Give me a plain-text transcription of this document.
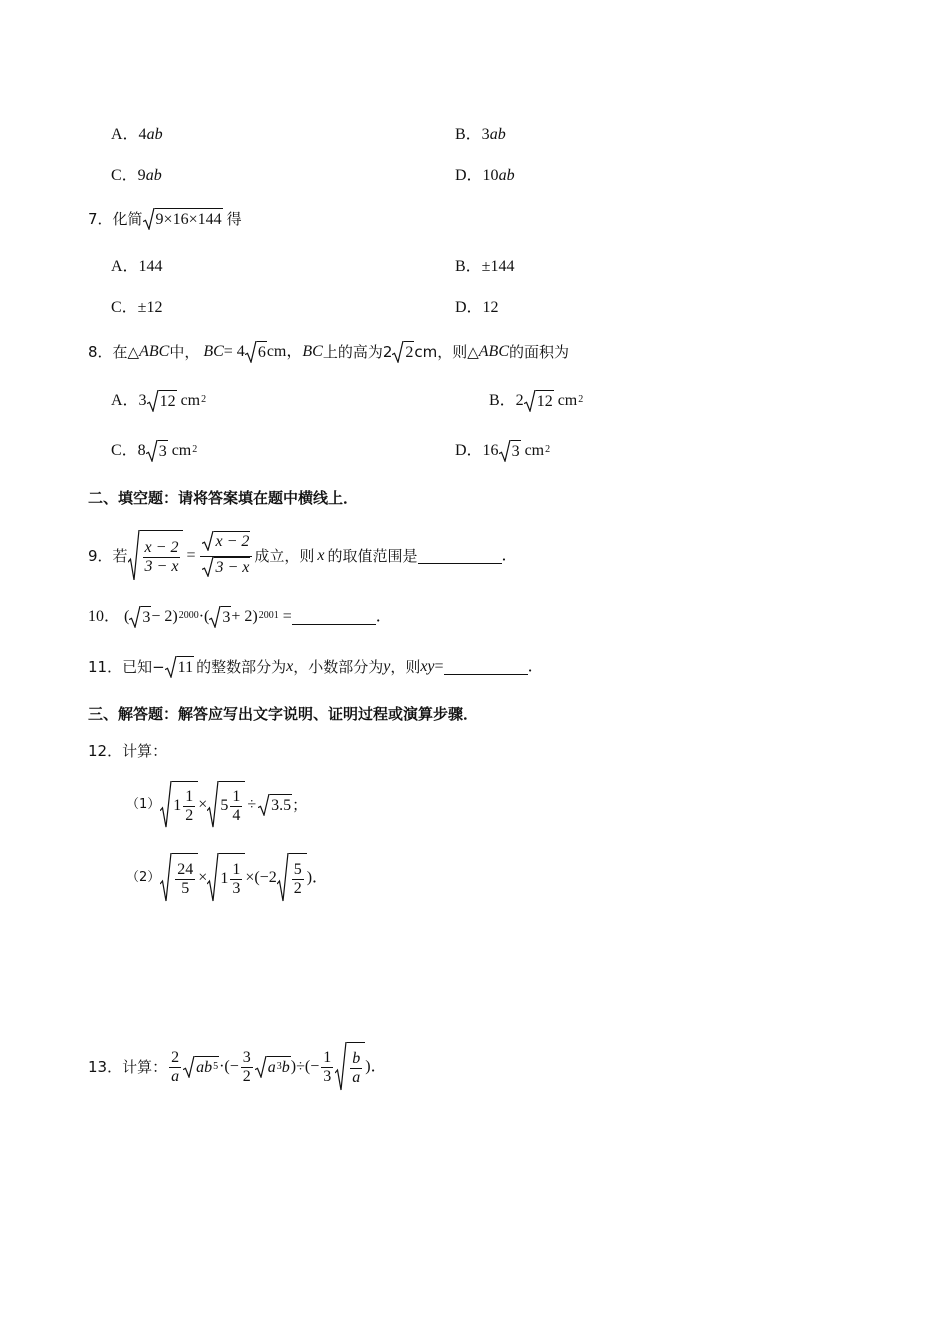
A．4ab	B．3ab
C．9ab	D．10ab
7．化简 9×16×144 得
A．144	B．±144
C．±12	D．12
8．在△ ABC 中， BC = 4 6 cm， BC 上的高为2 2 cm，则△ ABC 的面积为
A．3 12 cm 2	B．2 12 cm 2
C．8 3 cm 2	D．16 3 cm 2
二、填空题：请将答案填在题中横线上．
9．若 $\frac{x - 2}{3 - x} = \frac{x - 2}{3 - x}$ 成立，则 x 的取值范围是	．
10． ( 3 − 2) 2000 ·( 3 + 2) 2001 =	．
11．已知− 11 的整数部分为 x ，小数部分为 y ，则 xy =	．
三、解答题：解答应写出文字说明、证明过程或演算步骤．
12．计算：
（1） $1 \frac{1}{2} \times 5 \frac{1}{4} \div 3.5$ ；
$(2) \frac{24}{5} \times 1 \frac{1}{3} \times(-2 \frac{5}{2}$ )．
13．计算： $\frac{2}{a}$ ab 5 ·(− $\frac{3}{2}$ a 3 b )÷(− $\frac{1}{3} \frac{b}{a}$ )．
